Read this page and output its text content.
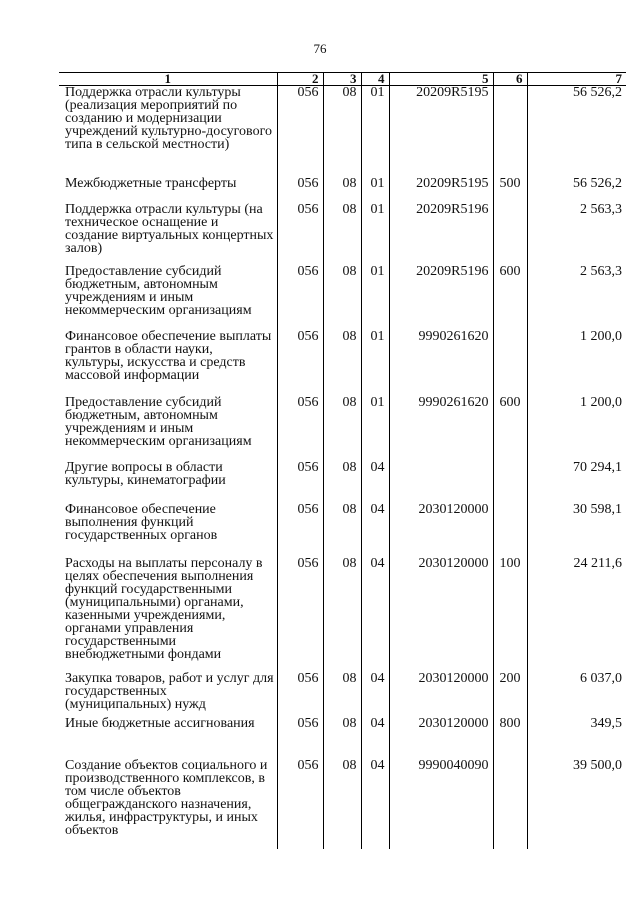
76
1	2	3	4	5	6	7
Поддержка отрасли культуры (реализация мероприятий по созданию и модернизации учреждений культурно-досугового типа в сельской местности)	056	08	01	20209R5195		56 526,2
Межбюджетные трансферты	056	08	01	20209R5195	500	56 526,2
Поддержка отрасли культуры (на техническое оснащение и создание виртуальных концертных залов)	056	08	01	20209R5196		2 563,3
Предоставление субсидий бюджетным, автономным учреждениям и иным некоммерческим организациям	056	08	01	20209R5196	600	2 563,3
Финансовое обеспечение выплаты грантов в области науки, культуры, искусства и средств массовой информации	056	08	01	9990261620		1 200,0
Предоставление субсидий бюджетным, автономным учреждениям и иным некоммерческим организациям	056	08	01	9990261620	600	1 200,0
Другие вопросы в области культуры, кинематографии	056	08	04			70 294,1
Финансовое обеспечение выполнения функций государственных органов	056	08	04	2030120000		30 598,1
Расходы на выплаты персоналу в целях обеспечения выполнения функций государственными (муниципальными) органами, казенными учреждениями, органами управления государственными внебюджетными фондами	056	08	04	2030120000	100	24 211,6
Закупка товаров, работ и услуг для государственных (муниципальных) нужд	056	08	04	2030120000	200	6 037,0
Иные бюджетные ассигнования	056	08	04	2030120000	800	349,5
Создание объектов социального и производственного комплексов, в том числе объектов общегражданского назначения, жилья, инфраструктуры, и иных объектов	056	08	04	9990040090		39 500,0
